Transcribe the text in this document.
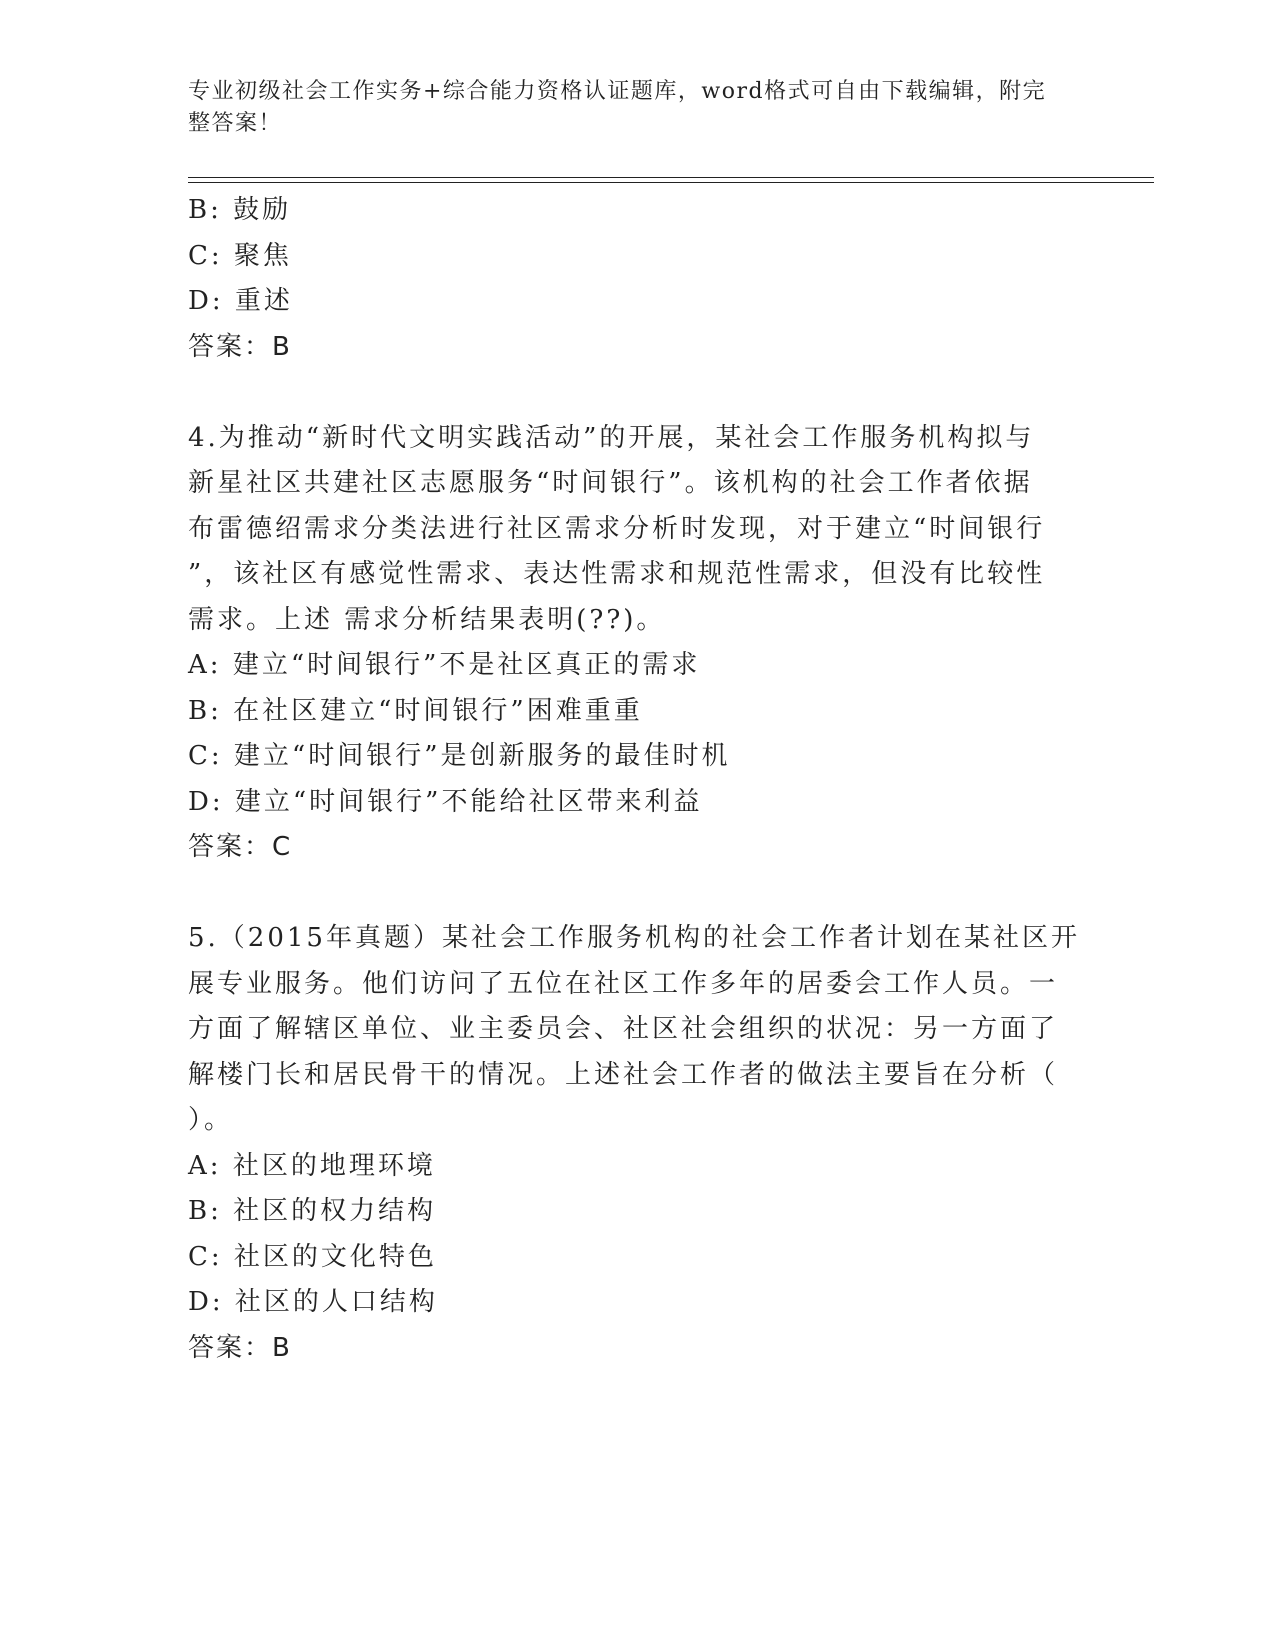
专业初级社会工作实务+综合能力资格认证题库，word格式可自由下载编辑，附完
整答案！
B: 鼓励
C: 聚焦
D: 重述
答案：B
4.为推动“新时代文明实践活动”的开展，某社会工作服务机构拟与
新星社区共建社区志愿服务“时间银行”。该机构的社会工作者依据
布雷德绍需求分类法进行社区需求分析时发现，对于建立“时间银行
”，该社区有感觉性需求、表达性需求和规范性需求，但没有比较性
需求。上述 需求分析结果表明(??)。
A: 建立“时间银行”不是社区真正的需求
B: 在社区建立“时间银行”困难重重
C: 建立“时间银行”是创新服务的最佳时机
D: 建立“时间银行”不能给社区带来利益
答案：C
5.（2015年真题）某社会工作服务机构的社会工作者计划在某社区开
展专业服务。他们访问了五位在社区工作多年的居委会工作人员。一
方面了解辖区单位、业主委员会、社区社会组织的状况：另一方面了
解楼门长和居民骨干的情况。上述社会工作者的做法主要旨在分析（
）。
A: 社区的地理环境
B: 社区的权力结构
C: 社区的文化特色
D: 社区的人口结构
答案：B
